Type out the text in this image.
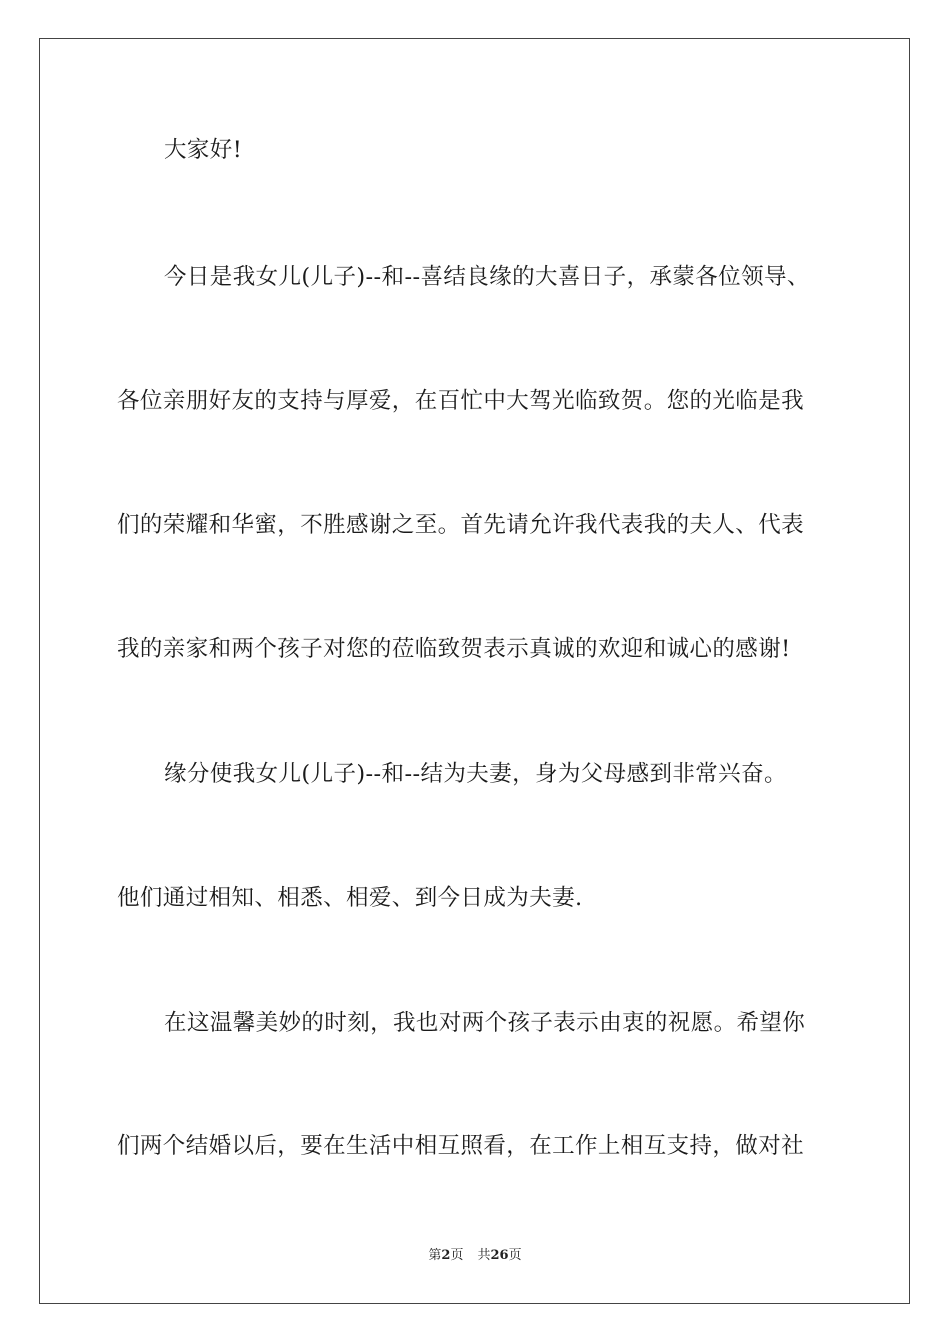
大家好!
今日是我女儿(儿子)--和--喜结良缘的大喜日子，承蒙各位领导、
各位亲朋好友的支持与厚爱，在百忙中大驾光临致贺。您的光临是我
们的荣耀和华蜜，不胜感谢之至。首先请允许我代表我的夫人、代表
我的亲家和两个孩子对您的莅临致贺表示真诚的欢迎和诚心的感谢!
缘分使我女儿(儿子)--和--结为夫妻，身为父母感到非常兴奋。
他们通过相知、相悉、相爱、到今日成为夫妻.
在这温馨美妙的时刻，我也对两个孩子表示由衷的祝愿。希望你
们两个结婚以后，要在生活中相互照看，在工作上相互支持，做对社
第2页 共26页
